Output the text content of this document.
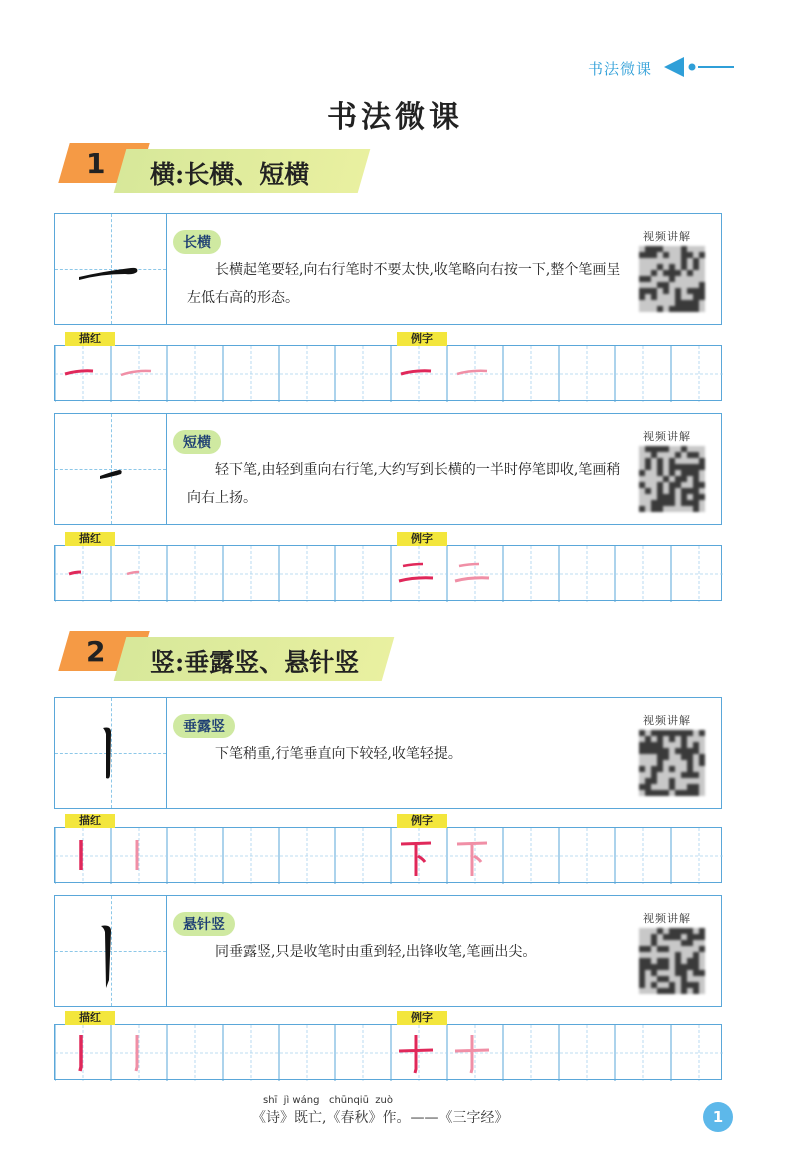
书法微课
书法微课
1 横:长横、短横
长横
长横起笔要轻,向右行笔时不要太快,收笔略向右按一下,整个笔画呈左低右高的形态。
视频讲解
描红	例字
短横
轻下笔,由轻到重向右行笔,大约写到长横的一半时停笔即收,笔画稍向右上扬。
视频讲解
描红	例字
2 竖:垂露竖、悬针竖
垂露竖
下笔稍重,行笔垂直向下较轻,收笔轻提。
视频讲解
描红	例字
悬针竖
同垂露竖,只是收笔时由重到轻,出锋收笔,笔画出尖。
视频讲解
描红	例字
shī  jì wáng   chūnqiū  zuò
《诗》既亡,《春秋》作。——《三字经》	1
